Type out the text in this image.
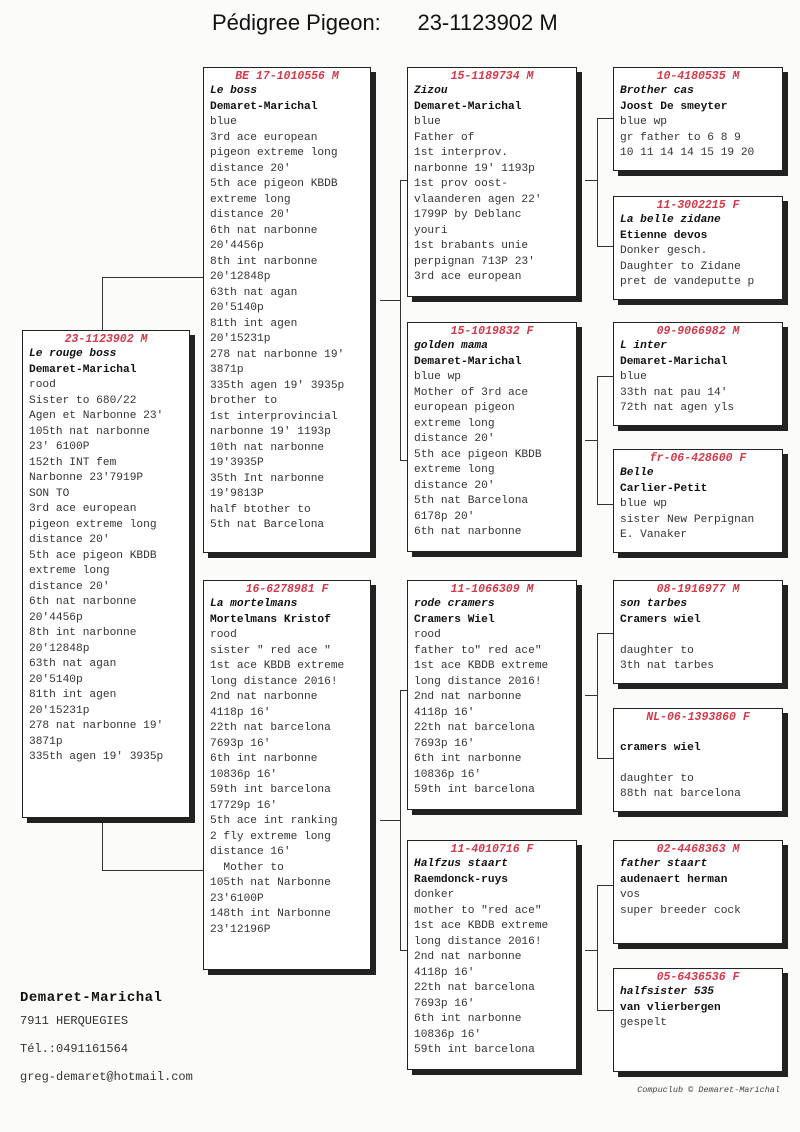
Pédigree Pigeon:      23-1123902 M
23-1123902 M
Le rouge boss
Demaret-Marichal
rood
Sister to 680/22
Agen et Narbonne 23'
105th nat narbonne
23' 6100P
152th INT fem
Narbonne 23'7919P
SON TO
3rd ace european
pigeon extreme long
distance 20'
5th ace pigeon KBDB
extreme long
distance 20'
6th nat narbonne
20'4456p
8th int narbonne
20'12848p
63th nat agan
20'5140p
81th int agen
20'15231p
278 nat narbonne 19'
3871p
335th agen 19' 3935p
BE 17-1010556 M
Le boss
Demaret-Marichal
blue
3rd ace european
pigeon extreme long
distance 20'
5th ace pigeon KBDB
extreme long
distance 20'
6th nat narbonne
20'4456p
8th int narbonne
20'12848p
63th nat agan
20'5140p
81th int agen
20'15231p
278 nat narbonne 19'
3871p
335th agen 19' 3935p
brother to
1st interprovincial
narbonne 19' 1193p
10th nat narbonne
19'3935P
35th Int narbonne
19'9813P
half btother to
5th nat Barcelona
16-6278981 F
La mortelmans
Mortelmans Kristof
rood
sister " red ace "
1st ace KBDB extreme
long distance 2016!
2nd nat narbonne
4118p 16'
22th nat barcelona
7693p 16'
6th int narbonne
10836p 16'
59th int barcelona
17729p 16'
5th ace int ranking
2 fly extreme long
distance 16'
Mother to
105th nat Narbonne
23'6100P
148th int Narbonne
23'12196P
15-1189734 M
Zizou
Demaret-Marichal
blue
Father of
1st interprov.
narbonne 19' 1193p
1st prov oost-
vlaanderen agen 22'
1799P by Deblanc
youri
1st brabants unie
perpignan 713P 23'
3rd ace european
15-1019832 F
golden mama
Demaret-Marichal
blue wp
Mother of 3rd ace
european pigeon
extreme long
distance 20'
5th ace pigeon KBDB
extreme long
distance 20'
5th nat Barcelona
6178p 20'
6th nat narbonne
11-1066309 M
rode cramers
Cramers Wiel
rood
father to" red ace"
1st ace KBDB extreme
long distance 2016!
2nd nat narbonne
4118p 16'
22th nat barcelona
7693p 16'
6th int narbonne
10836p 16'
59th int barcelona
11-4010716 F
Halfzus staart
Raemdonck-ruys
donker
mother to "red ace"
1st ace KBDB extreme
long distance 2016!
2nd nat narbonne
4118p 16'
22th nat barcelona
7693p 16'
6th int narbonne
10836p 16'
59th int barcelona
10-4180535 M
Brother cas
Joost De smeyter
blue wp
gr father to 6 8 9
10 11 14 14 15 19 20
11-3002215 F
La belle zidane
Etienne devos
Donker gesch.
Daughter to Zidane
pret de vandeputte p
09-9066982 M
L inter
Demaret-Marichal
blue
33th nat pau 14'
72th nat agen yls
fr-06-428600 F
Belle
Carlier-Petit
blue wp
sister New Perpignan
E. Vanaker
08-1916977 M
son tarbes
Cramers wiel
daughter to
3th nat tarbes
NL-06-1393860 F
cramers wiel
daughter to
88th nat barcelona
02-4468363 M
father staart
audenaert herman
vos
super breeder cock
05-6436536 F
halfsister 535
van vlierbergen
gespelt
Demaret-Marichal
7911 HERQUEGIES
Tél.:0491161564
greg-demaret@hotmail.com
Compuclub © Demaret-Marichal
